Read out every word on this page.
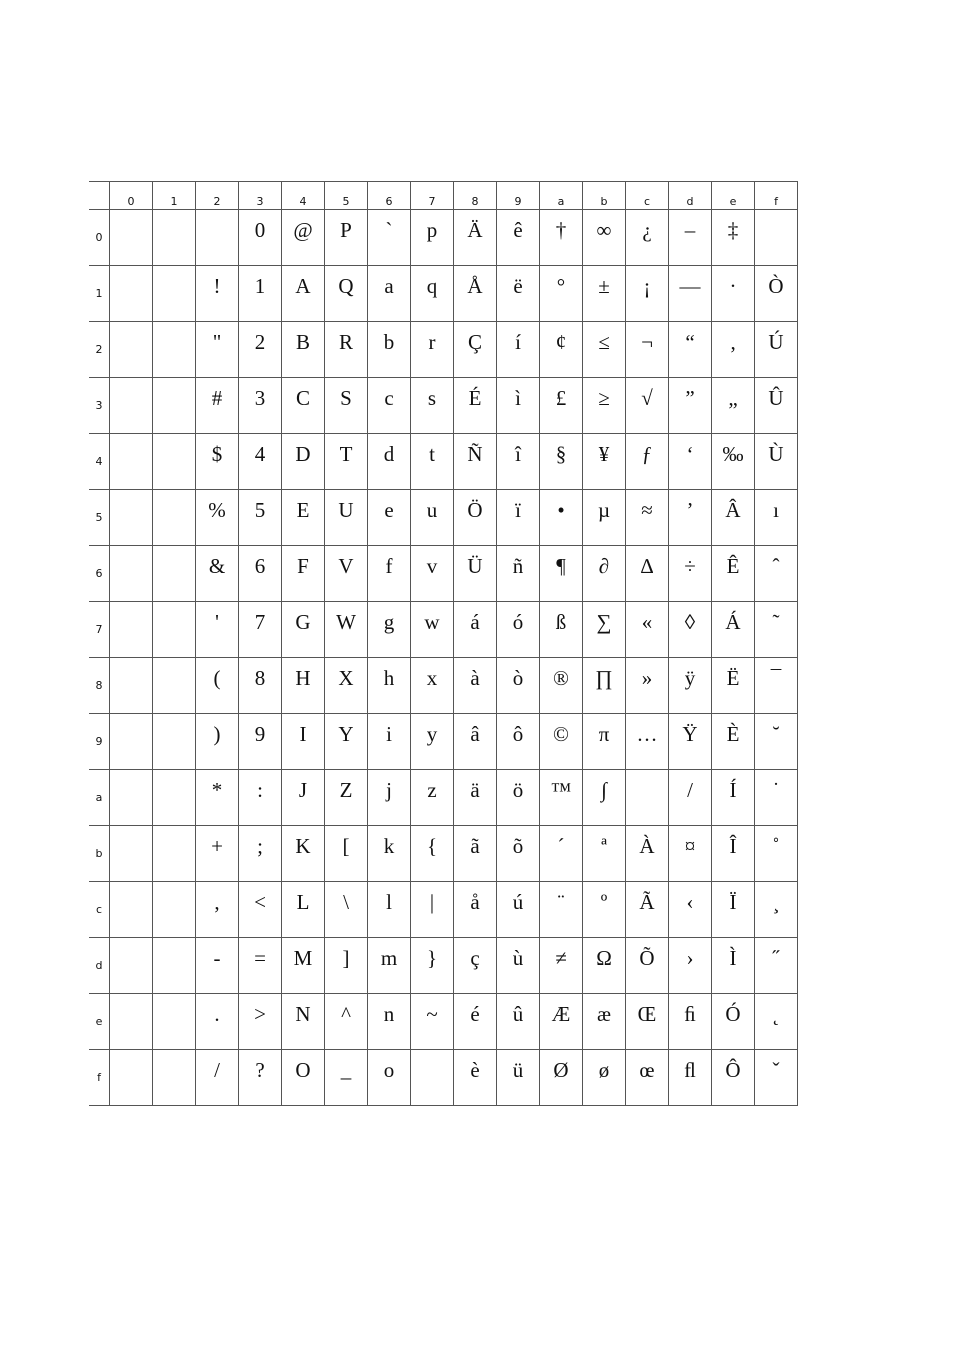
	0	1	2	3	4	5	6	7	8	9	a	b	c	d	e	f
0				0	@	P	`	p	Ä	ê	†	∞	¿	–	‡	
1			!	1	A	Q	a	q	Å	ë	°	±	¡	—	·	Ò
2			"	2	B	R	b	r	Ç	í	¢	≤	¬	“	‚	Ú
3			#	3	C	S	c	s	É	ì	£	≥	√	”	„	Û
4			$	4	D	T	d	t	Ñ	î	§	¥	ƒ	‘	‰	Ù
5			%	5	E	U	e	u	Ö	ï	•	µ	≈	’	Â	ı
6			&	6	F	V	f	v	Ü	ñ	¶	∂	∆	÷	Ê	ˆ
7			'	7	G	W	g	w	á	ó	ß	∑	«	◊	Á	˜
8			(	8	H	X	h	x	à	ò	®	∏	»	ÿ	Ë	¯
9			)	9	I	Y	i	y	â	ô	©	π	…	Ÿ	È	˘
a			*	:	J	Z	j	z	ä	ö	™	∫		/	Í	˙
b			+	;	K	[	k	{	ã	õ	´	ª	À	¤	Î	˚
c			,	<	L	\	l	|	å	ú	¨	º	Ã	‹	Ï	¸
d			-	=	M	]	m	}	ç	ù	≠	Ω	Õ	›	Ì	˝
e			.	>	N	^	n	~	é	û	Æ	æ	Œ	ﬁ	Ó	˛
f			/	?	O	_	o		è	ü	Ø	ø	œ	ﬂ	Ô	ˇ
